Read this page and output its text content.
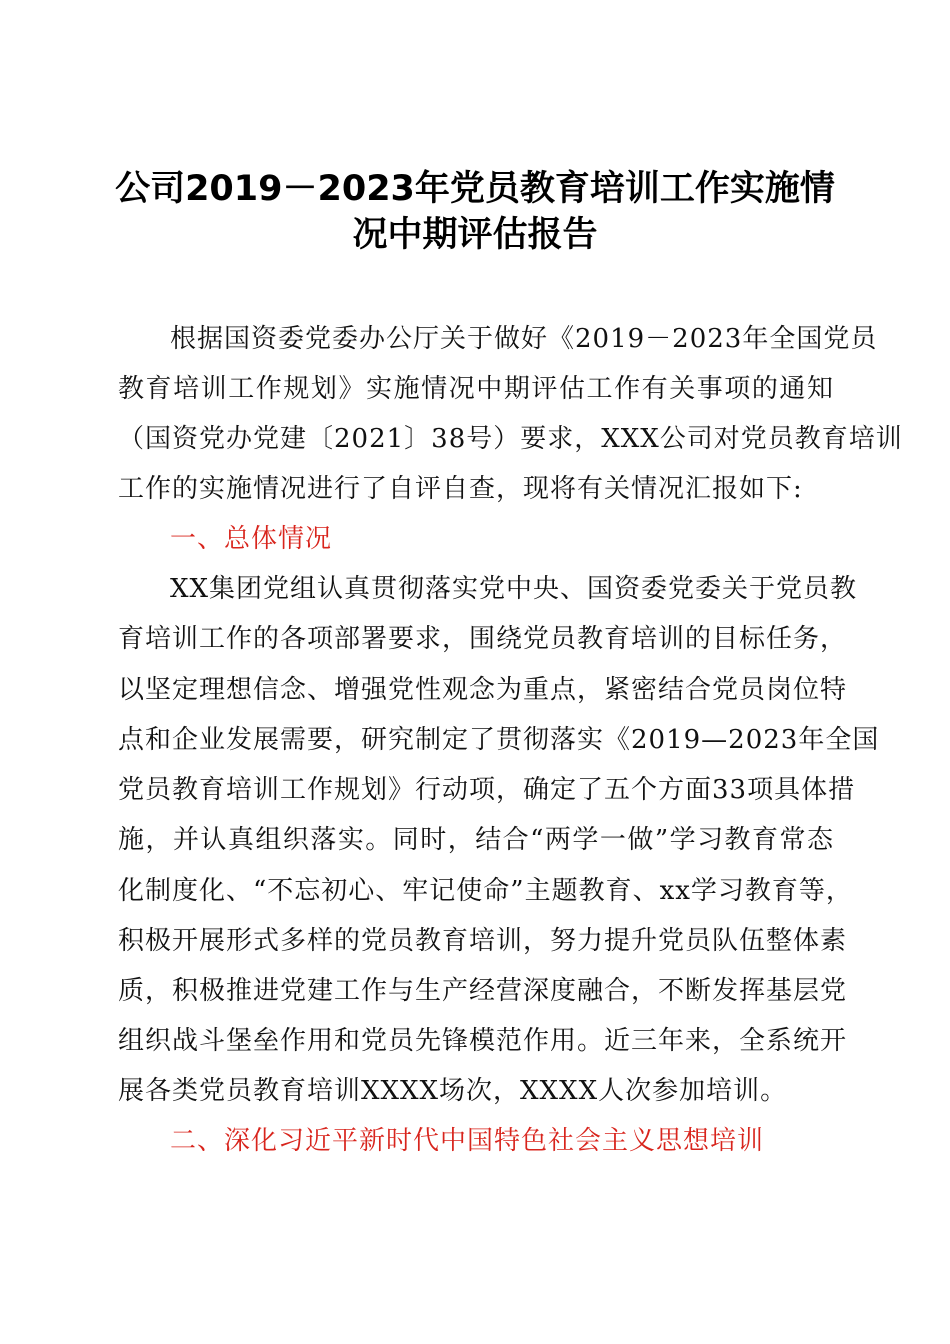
公司2019－2023年党员教育培训工作实施情
况中期评估报告
根据国资委党委办公厅关于做好《2019－2023年全国党员
教育培训工作规划》实施情况中期评估工作有关事项的通知
（国资党办党建〔2021〕38号）要求，XXX公司对党员教育培训
工作的实施情况进行了自评自查，现将有关情况汇报如下:
一、总体情况
XX集团党组认真贯彻落实党中央、国资委党委关于党员教
育培训工作的各项部署要求，围绕党员教育培训的目标任务，
以坚定理想信念、增强党性观念为重点，紧密结合党员岗位特
点和企业发展需要，研究制定了贯彻落实《2019—2023年全国
党员教育培训工作规划》行动项，确定了五个方面33项具体措
施，并认真组织落实。同时，结合“两学一做”学习教育常态
化制度化、“不忘初心、牢记使命”主题教育、xx学习教育等，
积极开展形式多样的党员教育培训，努力提升党员队伍整体素
质，积极推进党建工作与生产经营深度融合，不断发挥基层党
组织战斗堡垒作用和党员先锋模范作用。近三年来，全系统开
展各类党员教育培训XXXX场次，XXXX人次参加培训。
二、深化习近平新时代中国特色社会主义思想培训
